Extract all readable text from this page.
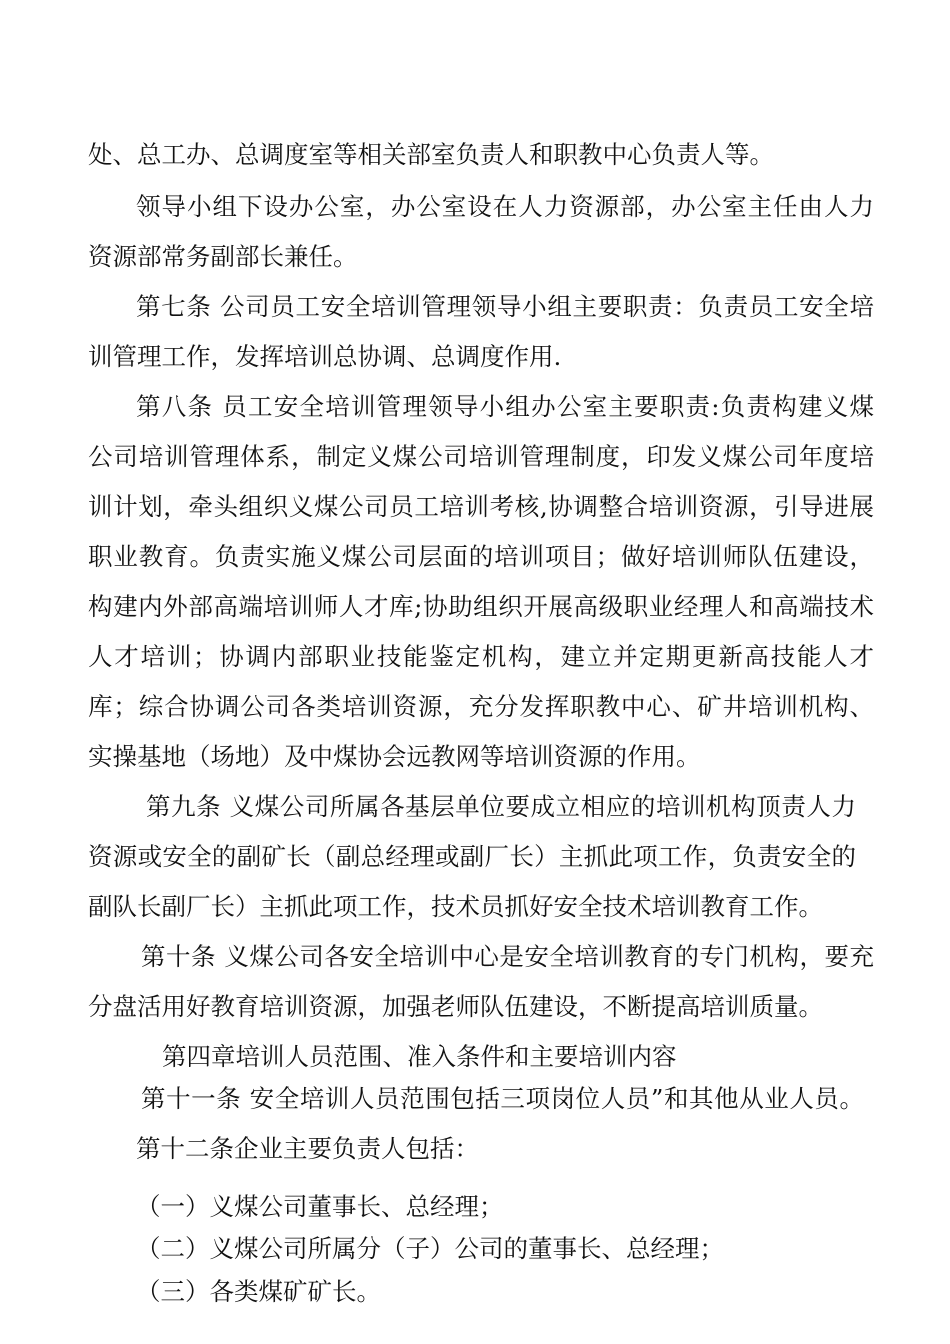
处、总工办、总调度室等相关部室负责人和职教中心负责人等。

领导小组下设办公室，办公室设在人力资源部，办公室主任由人力

资源部常务副部长兼任。

第七条 公司员工安全培训管理领导小组主要职责：负责员工安全培

训管理工作，发挥培训总协调、总调度作用.

第八条 员工安全培训管理领导小组办公室主要职责:负责构建义煤

公司培训管理体系，制定义煤公司培训管理制度，印发义煤公司年度培

训计划，牵头组织义煤公司员工培训考核,协调整合培训资源，引导进展

职业教育。负责实施义煤公司层面的培训项目；做好培训师队伍建设，

构建内外部高端培训师人才库;协助组织开展高级职业经理人和高端技术

人才培训；协调内部职业技能鉴定机构，建立并定期更新高技能人才

库；综合协调公司各类培训资源，充分发挥职教中心、矿井培训机构、

实操基地（场地）及中煤协会远教网等培训资源的作用。

第九条 义煤公司所属各基层单位要成立相应的培训机构顶责人力

资源或安全的副矿长（副总经理或副厂长）主抓此项工作，负责安全的

副队长副厂长）主抓此项工作，技术员抓好安全技术培训教育工作。

第十条 义煤公司各安全培训中心是安全培训教育的专门机构，要充

分盘活用好教育培训资源，加强老师队伍建设，不断提高培训质量。

第四章培训人员范围、准入条件和主要培训内容

第十一条 安全培训人员范围包括三项岗位人员”和其他从业人员。

第十二条企业主要负责人包括：

（一）义煤公司董事长、总经理；

（二）义煤公司所属分（子）公司的董事长、总经理；

（三）各类煤矿矿长。
